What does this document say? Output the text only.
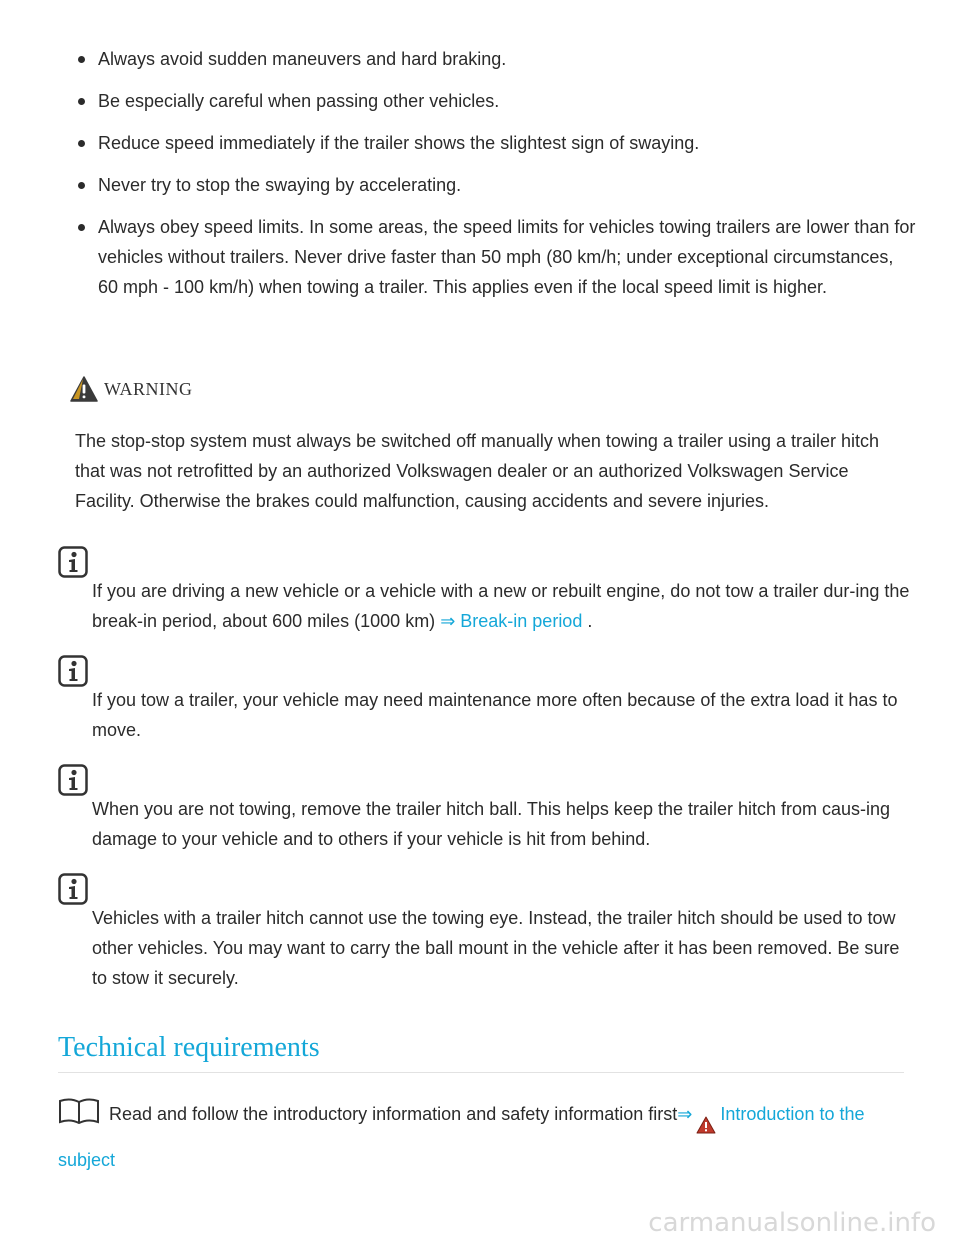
Always avoid sudden maneuvers and hard braking.
Be especially careful when passing other vehicles.
Reduce speed immediately if the trailer shows the slightest sign of swaying.
Never try to stop the swaying by accelerating.
Always obey speed limits. In some areas, the speed limits for vehicles towing trailers are lower than for vehicles without trailers. Never drive faster than 50 mph (80 km/h; under exceptional circumstances, 60 mph - 100 km/h) when towing a trailer. This applies even if the local speed limit is higher.
WARNING
The stop-stop system must always be switched off manually when towing a trailer using a trailer hitch that was not retrofitted by an authorized Volkswagen dealer or an authorized Volkswagen Service Facility. Otherwise the brakes could malfunction, causing accidents and severe injuries.

If you are driving a new vehicle or a vehicle with a new or rebuilt engine, do not tow a trailer dur-ing the break-in period, about 600 miles (1000 km) ⇒ Break-in period .

If you tow a trailer, your vehicle may need maintenance more often because of the extra load it has to move.

When you are not towing, remove the trailer hitch ball. This helps keep the trailer hitch from caus-ing damage to your vehicle and to others if your vehicle is hit from behind.

Vehicles with a trailer hitch cannot use the towing eye. Instead, the trailer hitch should be used to tow other vehicles. You may want to carry the ball mount in the vehicle after it has been removed. Be sure to stow it securely.

Technical requirements
Read and follow the introductory information and safety information first⇒ Introduction to the subject
carmanualsonline.info
